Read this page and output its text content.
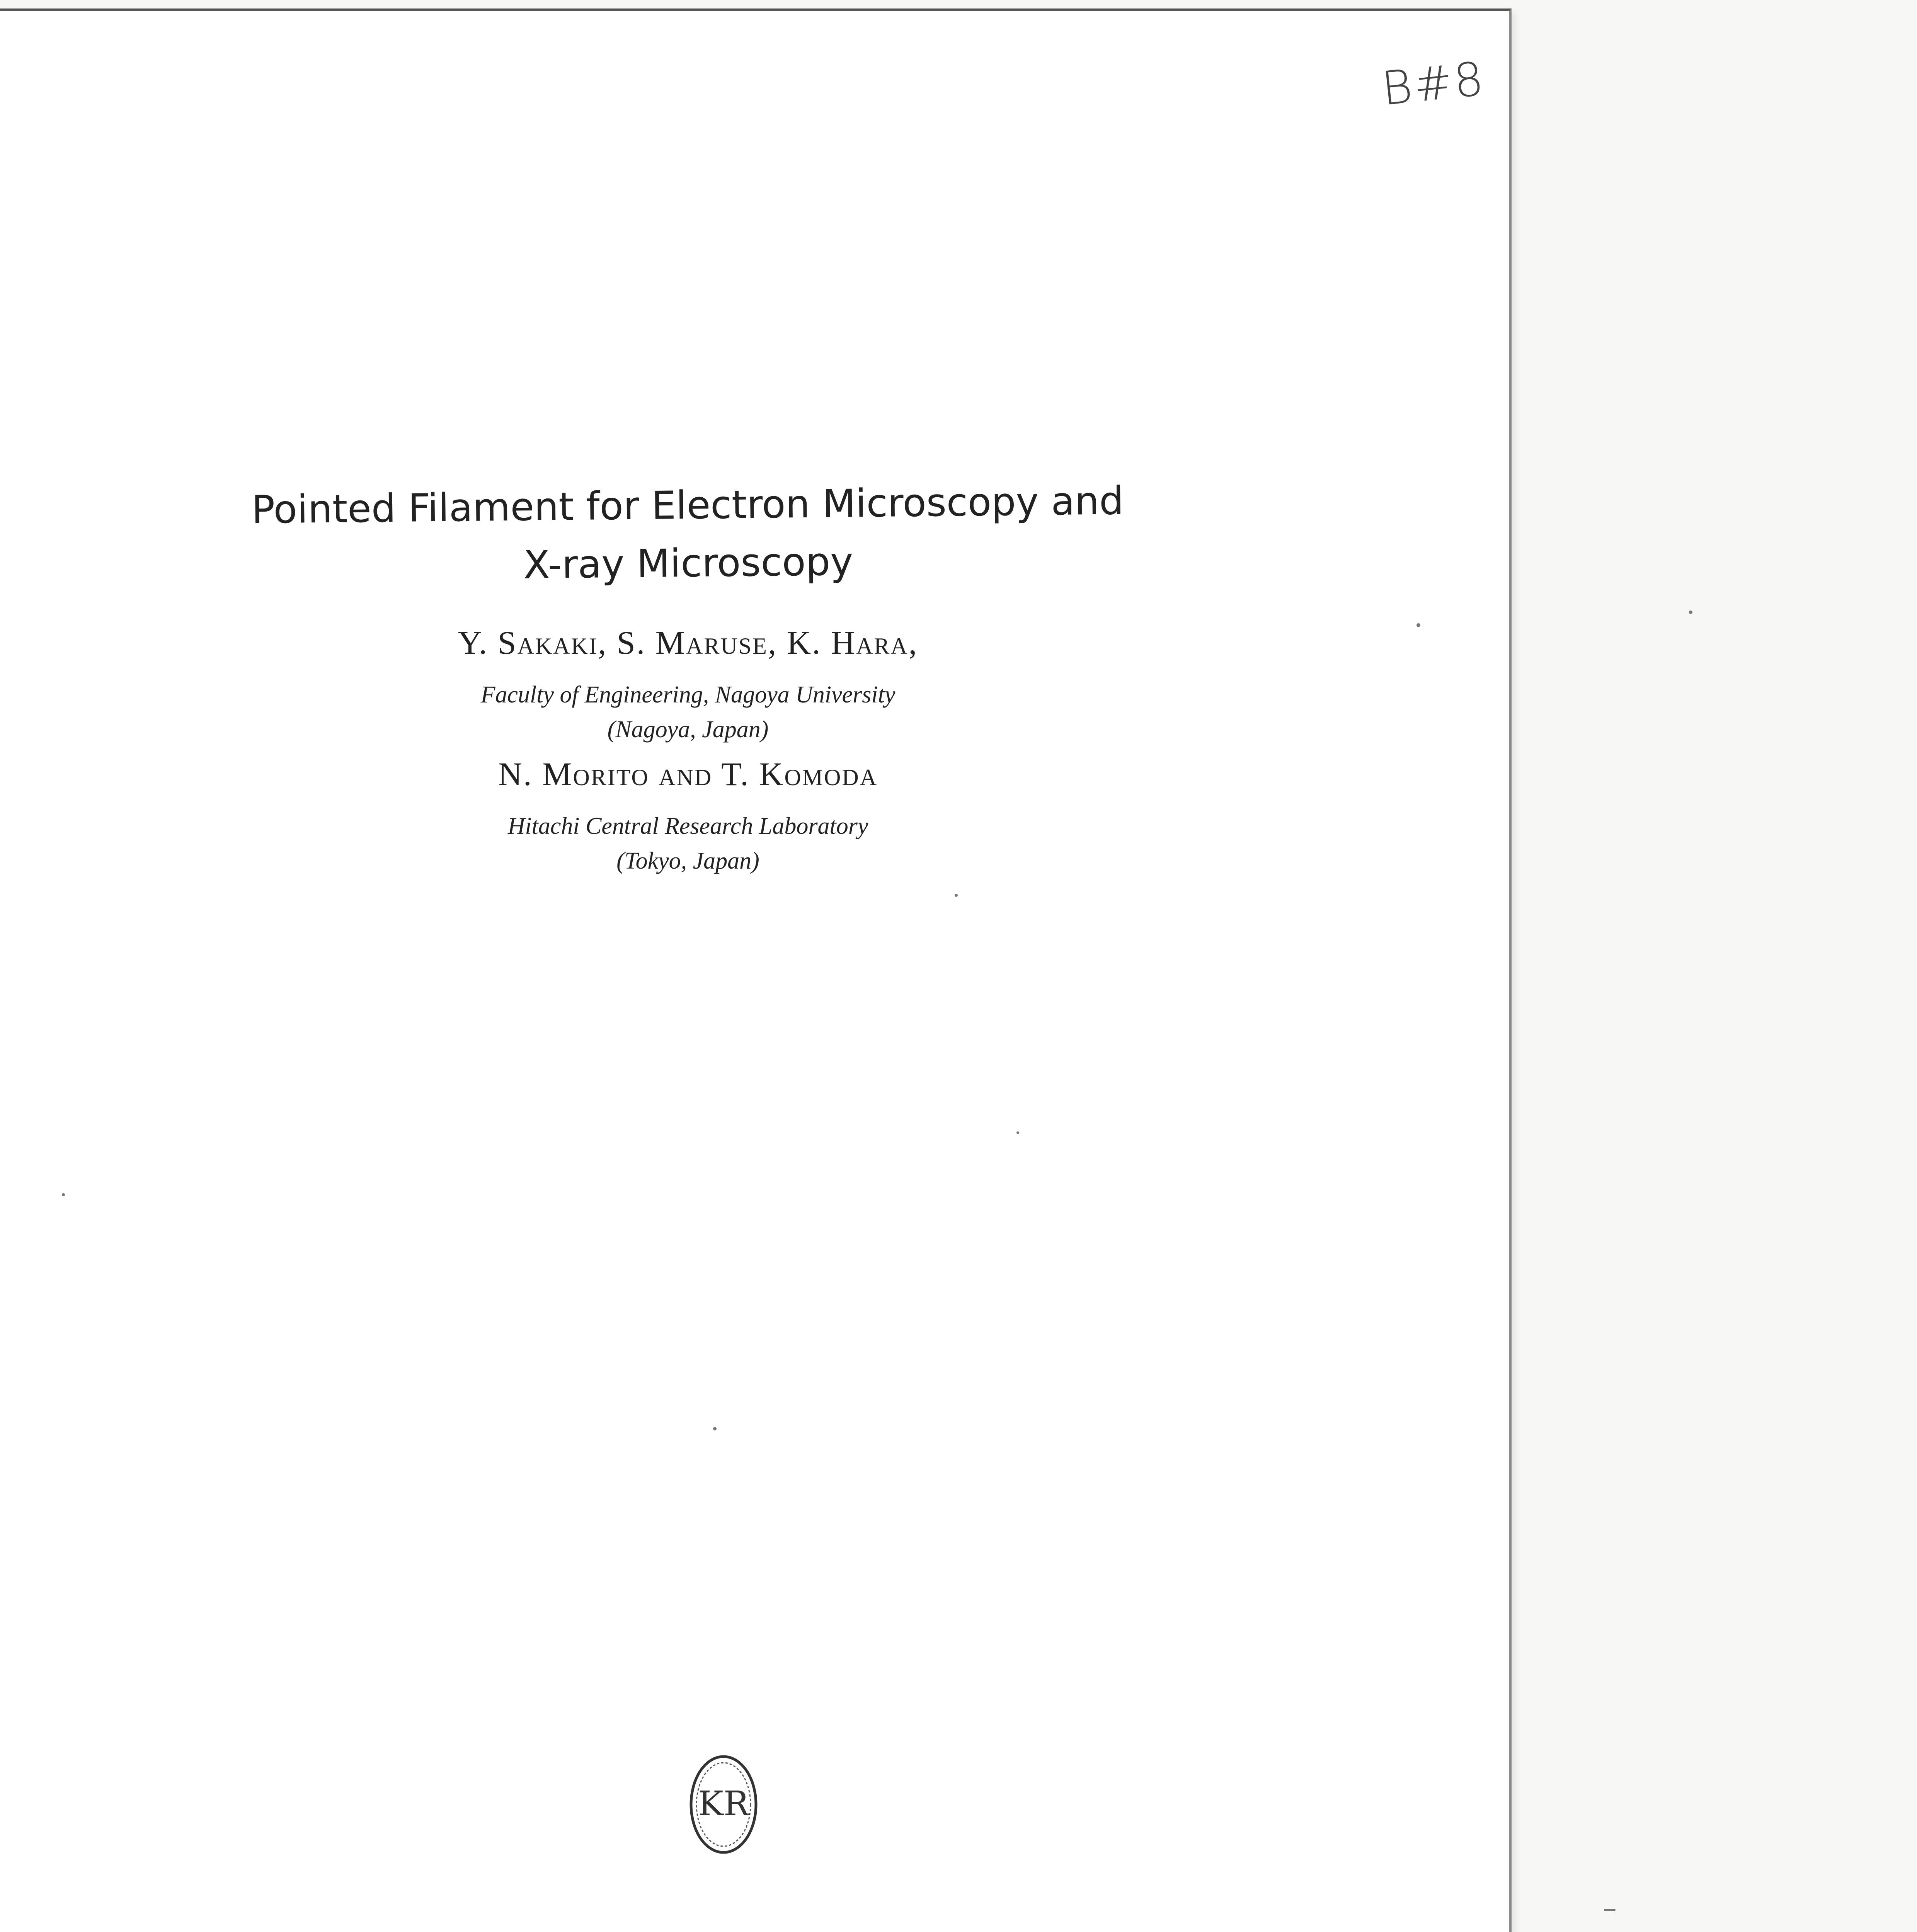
B#8
Pointed Filament for Electron Microscopy and
X-ray Microscopy
Y. Sakaki, S. Maruse, K. Hara,
Faculty of Engineering, Nagoya University
(Nagoya, Japan)
N. Morito and T. Komoda
Hitachi Central Research Laboratory
(Tokyo, Japan)
KR
